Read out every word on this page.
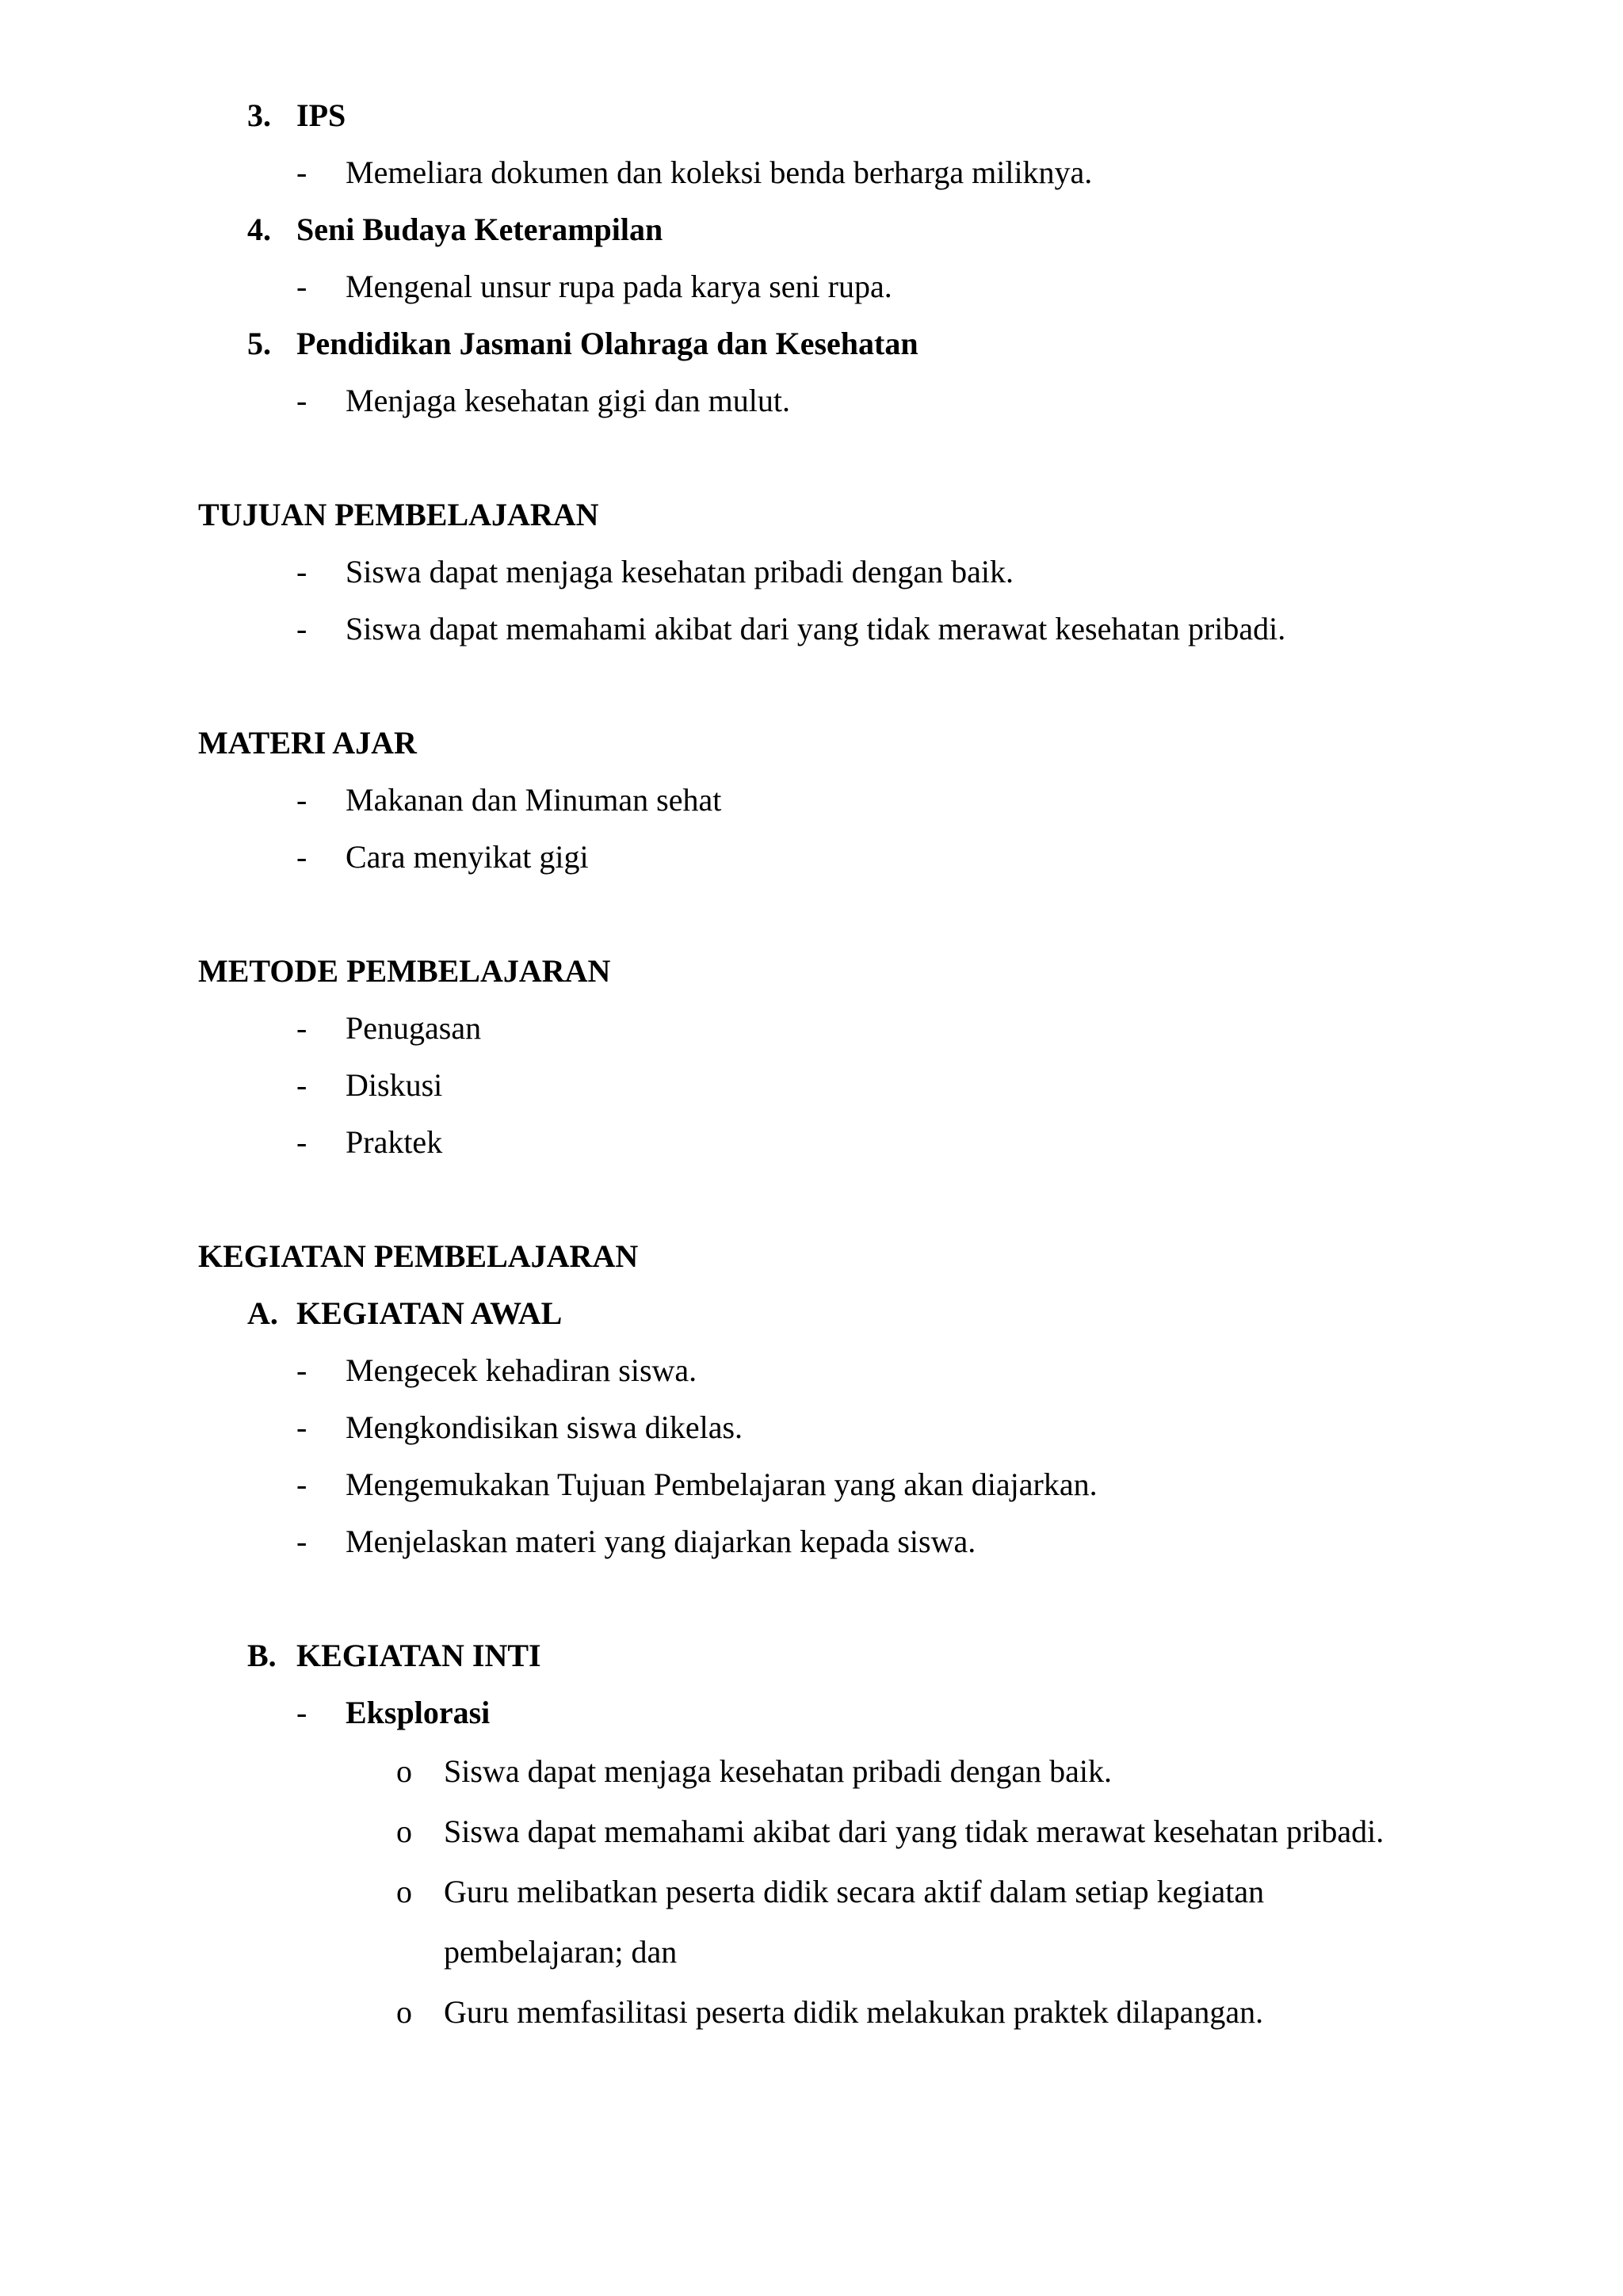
3. IPS
- Memeliara dokumen dan koleksi benda berharga miliknya.
4. Seni Budaya Keterampilan
- Mengenal unsur rupa pada karya seni rupa.
5. Pendidikan Jasmani Olahraga dan Kesehatan
- Menjaga kesehatan gigi dan mulut.
TUJUAN PEMBELAJARAN
- Siswa dapat menjaga kesehatan pribadi dengan baik.
- Siswa dapat memahami akibat dari yang tidak merawat kesehatan pribadi.
MATERI AJAR
- Makanan dan Minuman sehat
- Cara menyikat gigi
METODE PEMBELAJARAN
- Penugasan
- Diskusi
- Praktek
KEGIATAN PEMBELAJARAN
A. KEGIATAN AWAL
- Mengecek kehadiran siswa.
- Mengkondisikan siswa dikelas.
- Mengemukakan Tujuan Pembelajaran yang akan diajarkan.
- Menjelaskan materi yang diajarkan kepada siswa.
B. KEGIATAN INTI
- Eksplorasi
o Siswa dapat menjaga kesehatan pribadi dengan baik.
o Siswa dapat memahami akibat dari yang tidak merawat kesehatan pribadi.
o Guru melibatkan peserta didik secara aktif dalam setiap kegiatan
pembelajaran; dan
o Guru memfasilitasi peserta didik melakukan praktek dilapangan.
